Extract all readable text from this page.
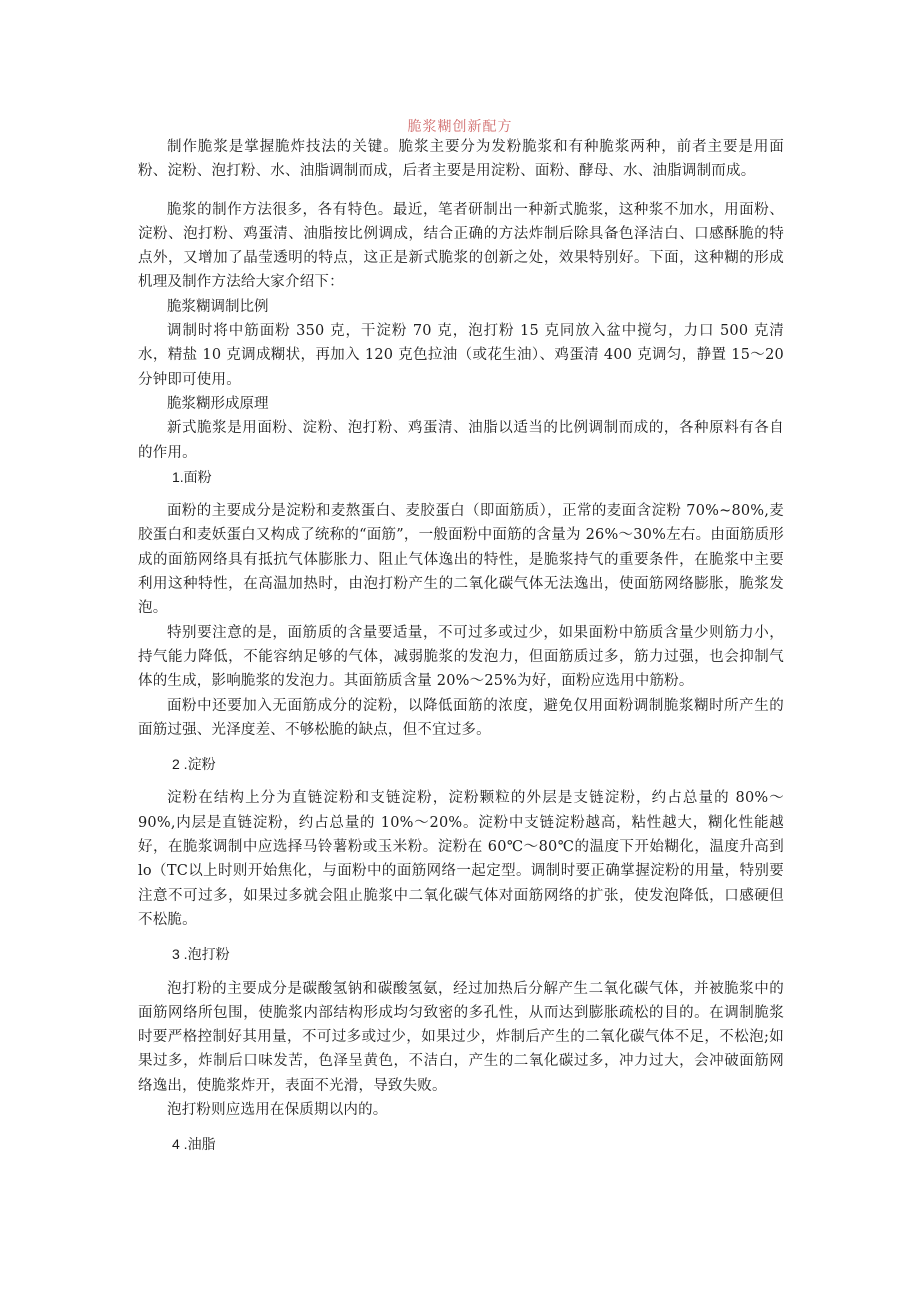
脆浆糊创新配方

制作脆浆是掌握脆炸技法的关键。脆浆主要分为发粉脆浆和有种脆浆两种，前者主要是用面粉、淀粉、泡打粉、水、油脂调制而成，后者主要是用淀粉、面粉、酵母、水、油脂调制而成。

脆浆的制作方法很多，各有特色。最近，笔者研制出一种新式脆浆，这种浆不加水，用面粉、淀粉、泡打粉、鸡蛋清、油脂按比例调成，结合正确的方法炸制后除具备色泽洁白、口感酥脆的特点外，又增加了晶莹透明的特点，这正是新式脆浆的创新之处，效果特别好。下面，这种糊的形成机理及制作方法给大家介绍下：

脆浆糊调制比例

调制时将中筋面粉 350 克，干淀粉 70 克，泡打粉 15 克同放入盆中搅匀，力口 500 克清水，精盐 10 克调成糊状，再加入 120 克色拉油（或花生油）、鸡蛋清 400 克调匀，静置 15～20 分钟即可使用。

脆浆糊形成原理

新式脆浆是用面粉、淀粉、泡打粉、鸡蛋清、油脂以适当的比例调制而成的，各种原料有各自的作用。

1.面粉

面粉的主要成分是淀粉和麦熬蛋白、麦胶蛋白（即面筋质），正常的麦面含淀粉 70%~80%,麦胶蛋白和麦妖蛋白又构成了统称的“面筋”，一般面粉中面筋的含量为 26%～30%左右。由面筋质形成的面筋网络具有抵抗气体膨胀力、阻止气体逸出的特性，是脆浆持气的重要条件，在脆浆中主要利用这种特性，在高温加热时，由泡打粉产生的二氧化碳气体无法逸出，使面筋网络膨胀，脆浆发泡。

特别要注意的是，面筋质的含量要适量，不可过多或过少，如果面粉中筋质含量少则筋力小，持气能力降低，不能容纳足够的气体，减弱脆浆的发泡力，但面筋质过多，筋力过强，也会抑制气体的生成，影响脆浆的发泡力。其面筋质含量 20%～25%为好，面粉应选用中筋粉。

面粉中还要加入无面筋成分的淀粉，以降低面筋的浓度，避免仅用面粉调制脆浆糊时所产生的面筋过强、光泽度差、不够松脆的缺点，但不宜过多。

2 .淀粉

淀粉在结构上分为直链淀粉和支链淀粉，淀粉颗粒的外层是支链淀粉，约占总量的 80%～90%,内层是直链淀粉，约占总量的 10%～20%。淀粉中支链淀粉越高，粘性越大，糊化性能越好，在脆浆调制中应选择马铃薯粉或玉米粉。淀粉在 60℃～80℃的温度下开始糊化，温度升高到 lo（TC以上时则开始焦化，与面粉中的面筋网络一起定型。调制时要正确掌握淀粉的用量，特别要注意不可过多，如果过多就会阻止脆浆中二氧化碳气体对面筋网络的扩张，使发泡降低，口感硬但不松脆。

3 .泡打粉

泡打粉的主要成分是碳酸氢钠和碳酸氢氨，经过加热后分解产生二氧化碳气体，并被脆浆中的面筋网络所包围，使脆浆内部结构形成均匀致密的多孔性，从而达到膨胀疏松的目的。在调制脆浆时要严格控制好其用量，不可过多或过少，如果过少，炸制后产生的二氧化碳气体不足，不松泡;如果过多，炸制后口味发苦，色泽呈黄色，不洁白，产生的二氧化碳过多，冲力过大，会冲破面筋网络逸出，使脆浆炸开，表面不光滑，导致失败。

泡打粉则应选用在保质期以内的。

4 .油脂
